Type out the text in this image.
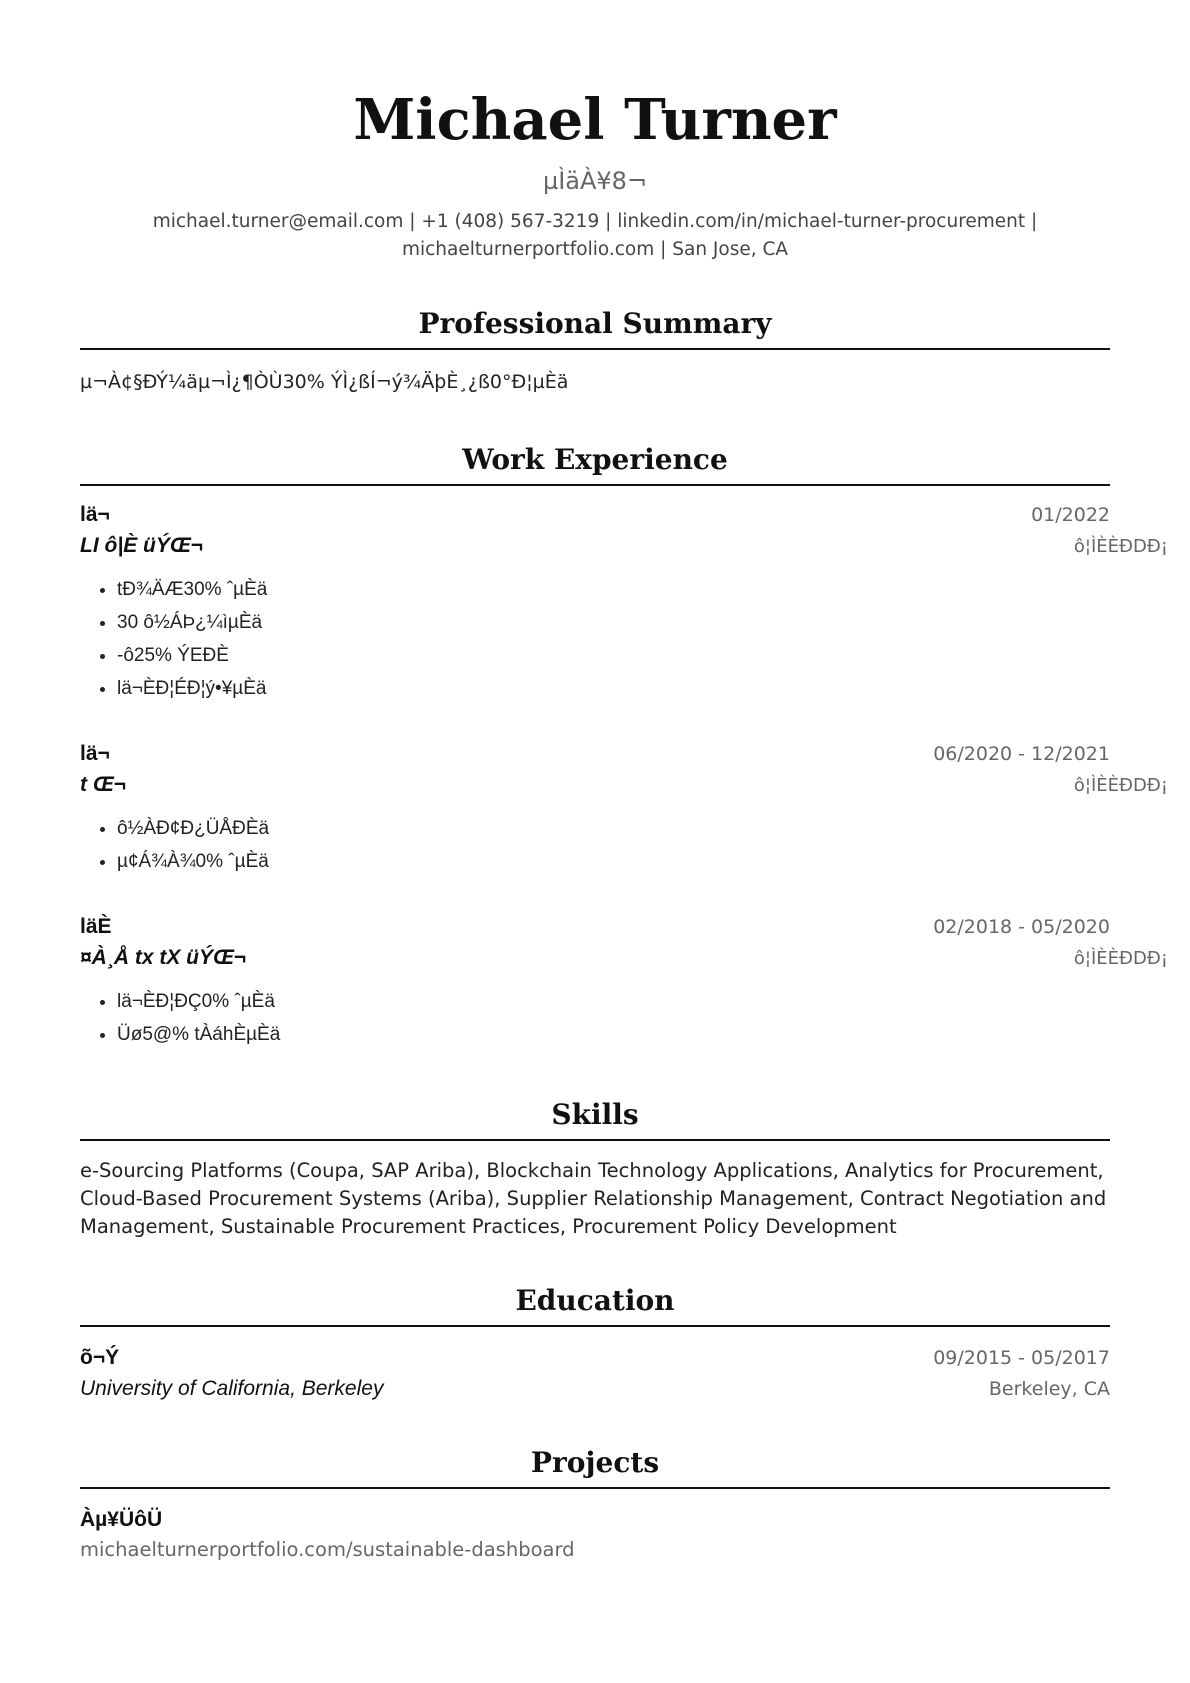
Michael Turner
µÌäÀ¥8¬
michael.turner@email.com | +1 (408) 567-3219 | linkedin.com/in/michael-turner-procurement |
michaelturnerportfolio.com | San Jose, CA
Professional Summary
µ¬À¢§ÐÝ¼äµ¬Ì¿¶ÒÙ30% ÝÌ¿ßÍ¬ý¾ÄþÈ¸¿ß0°Ð¦µÈä
Work Experience
lä¬	01/2022
LI ô|È üÝŒ¬	ô¦ÌÈÈÐDÐ¡
• tÐ¾ÄÆ30% ˆµÈä
• 30 ô½ÁÞ¿¼ìµÈä
• -ô25% ÝEÐÈ
• lä¬ÈÐ¦ÉÐ¦ý•¥µÈä
lä¬	06/2020 - 12/2021
t Œ¬	ô¦ÌÈÈÐDÐ¡
• ô½ÀÐ¢Ð¿ÜÅÐÈä
• µ¢Á¾À¾0% ˆµÈä
läÈ	02/2018 - 05/2020
¤À¸Å tx tX üÝŒ¬	ô¦ÌÈÈÐDÐ¡
• lä¬ÈÐ¦ÐÇ0% ˆµÈä
• Üø5@% tÀáhÈµÈä
Skills
e-Sourcing Platforms (Coupa, SAP Ariba), Blockchain Technology Applications, Analytics for Procurement, Cloud-Based Procurement Systems (Ariba), Supplier Relationship Management, Contract Negotiation and Management, Sustainable Procurement Practices, Procurement Policy Development
Education
õ¬Ý	09/2015 - 05/2017
University of California, Berkeley	Berkeley, CA
Projects
Àµ¥ÜôÜ
michaelturnerportfolio.com/sustainable-dashboard
